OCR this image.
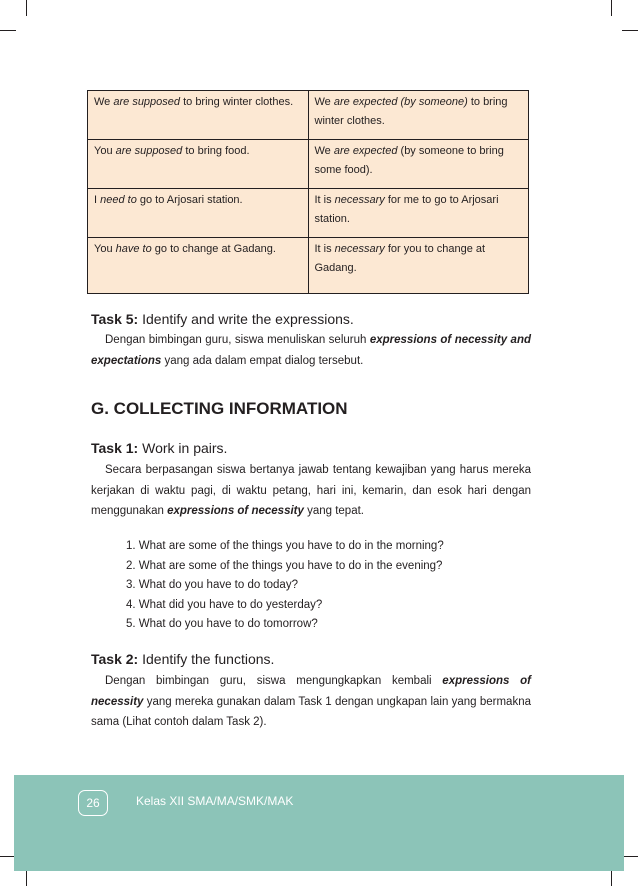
We are supposed to bring winter clothes.	We are expected (by someone) to bring winter clothes.
You are supposed to bring food.	We are expected (by someone to bring some food).
I need to go to Arjosari station.	It is necessary for me to go to Arjosari station.
You have to go to change at Gadang.	It is necessary for you to change at Gadang.
Task 5: Identify and write the expressions.
Dengan bimbingan guru, siswa menuliskan seluruh expressions of necessity and expectations yang ada dalam empat dialog tersebut.
G. COLLECTING INFORMATION
Task 1: Work in pairs.
Secara berpasangan siswa bertanya jawab tentang kewajiban yang harus mereka kerjakan di waktu pagi, di waktu petang, hari ini, kemarin, dan esok hari dengan menggunakan expressions of necessity yang tepat.
1. What are some of the things you have to do in the morning?
2. What are some of the things you have to do in the evening?
3. What do you have to do today?
4. What did you have to do yesterday?
5. What do you have to do tomorrow?
Task 2: Identify the functions.
Dengan bimbingan guru, siswa mengungkapkan kembali expressions of necessity yang mereka gunakan dalam Task 1 dengan ungkapan lain yang bermakna sama (Lihat contoh dalam Task 2).
26	Kelas XII SMA/MA/SMK/MAK
